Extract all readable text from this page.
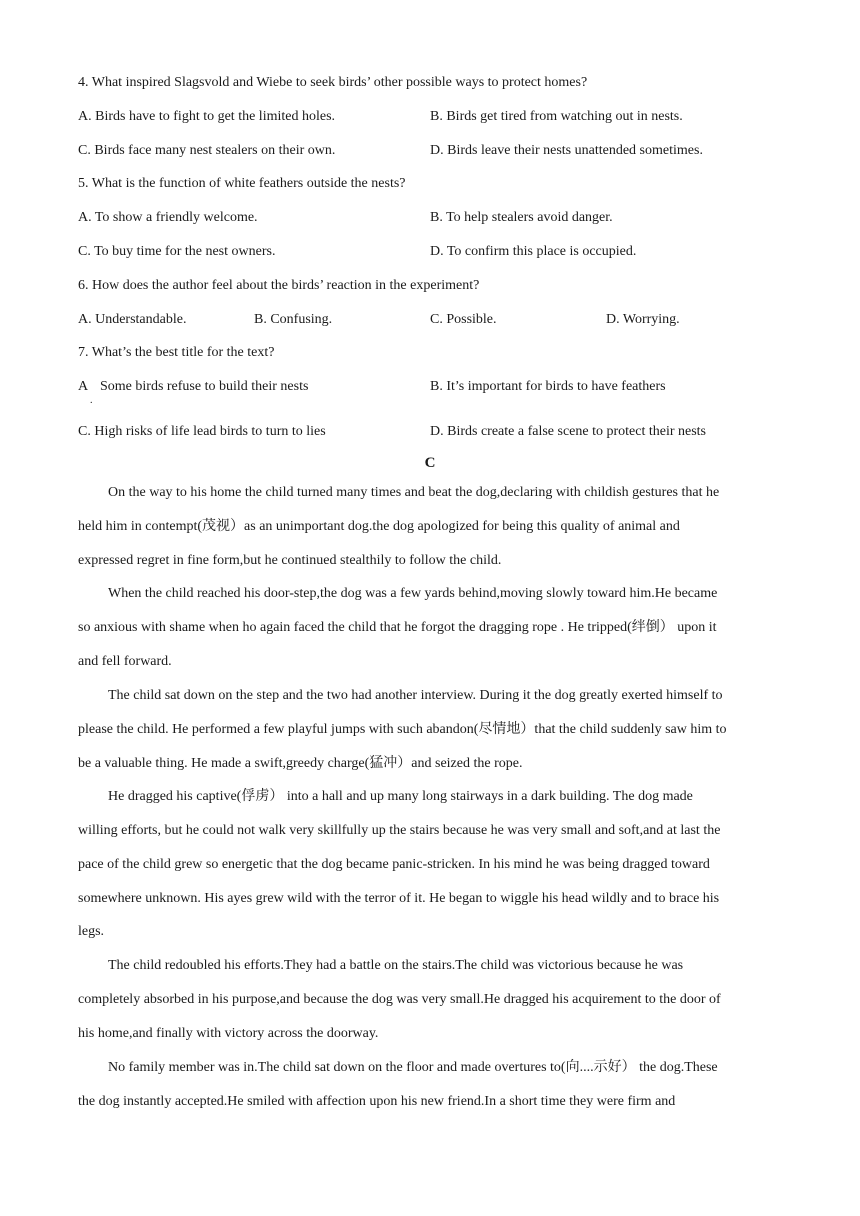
4. What inspired Slagsvold and Wiebe to seek birds’ other possible ways to protect homes?
A. Birds have to fight to get the limited holes.	B. Birds get tired from watching out in nests.
C. Birds face many nest stealers on their own.	D. Birds leave their nests unattended sometimes.
5. What is the function of white feathers outside the nests?
A. To show a friendly welcome.	B. To help stealers avoid danger.
C. To buy time for the nest owners.	D. To confirm this place is occupied.
6. How does the author feel about the birds’ reaction in the experiment?
A. Understandable.	B. Confusing.	C. Possible.	D. Worrying.
7. What’s the best title for the text?
A
.
Some birds refuse to build their nests	B. It’s important for birds to have feathers
C. High risks of life lead birds to turn to lies	D. Birds create a false scene to protect their nests
C
On the way to his home the child turned many times and beat the dog,declaring with childish gestures that he
held him in contempt(茂视）as an unimportant dog.the dog apologized for being this quality of animal and
expressed regret in fine form,but he continued stealthily to follow the child.
When the child reached his door-step,the dog was a few yards behind,moving slowly toward him.He became
so anxious with shame when ho again faced the child that he forgot the dragging rope . He tripped(绊倒） upon it
and fell forward.
The child sat down on the step and the two had another interview. During it the dog greatly exerted himself to
please the child. He performed a few playful jumps with such abandon(尽情地）that the child suddenly saw him to
be a valuable thing. He made a swift,greedy charge(猛冲）and seized the rope.
He dragged his captive(俘虏） into a hall and up many long stairways in a dark building. The dog made
willing efforts, but he could not walk very skillfully up the stairs because he was very small and soft,and at last the
pace of the child grew so energetic that the dog became panic-stricken. In his mind he was being dragged toward
somewhere unknown. His ayes grew wild with the terror of it. He began to wiggle his head wildly and to brace his
legs.
The child redoubled his efforts.They had a battle on the stairs.The child was victorious because he was
completely absorbed in his purpose,and because the dog was very small.He dragged his acquirement to the door of
his home,and finally with victory across the doorway.
No family member was in.The child sat down on the floor and made overtures to(向....示好） the dog.These
the dog instantly accepted.He smiled with affection upon his new friend.In a short time they were firm and
